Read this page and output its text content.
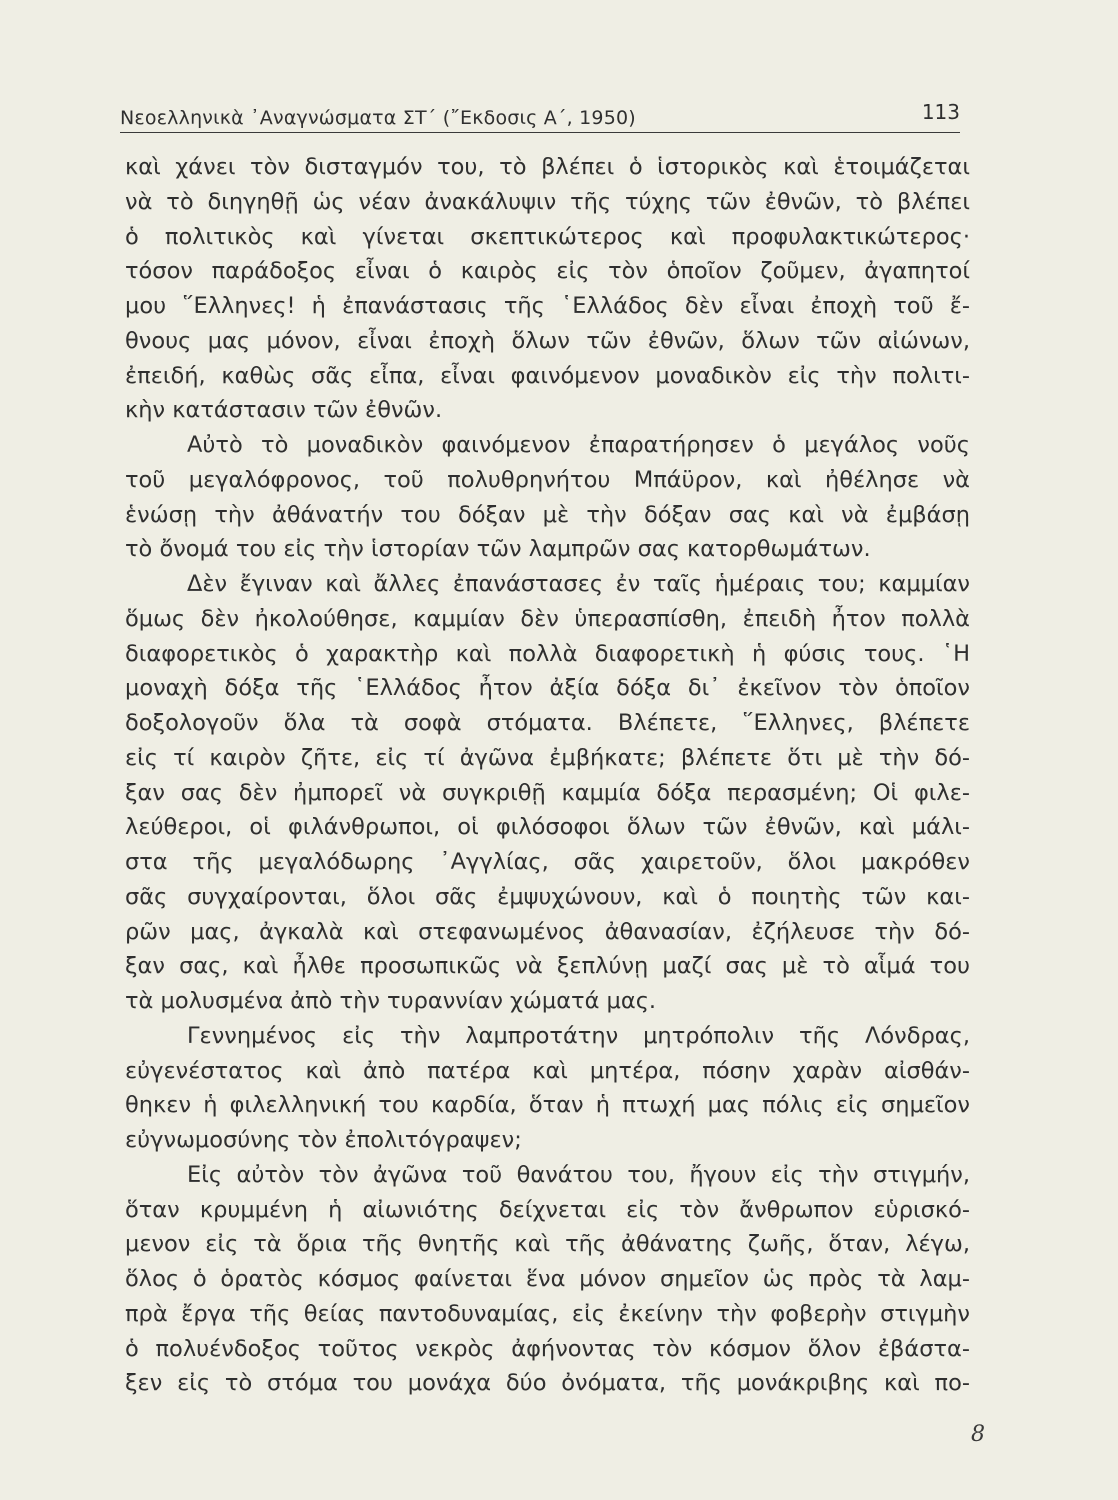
Νεοελληνικὰ ᾿Αναγνώσματα ΣΤ΄ (῎Εκδοσις Α΄, 1950)	113
καὶ χάνει τὸν δισταγμόν του, τὸ βλέπει ὁ ἱστορικὸς καὶ ἑτοιμάζεται
νὰ τὸ διηγηθῇ ὡς νέαν ἀνακάλυψιν τῆς τύχης τῶν ἐθνῶν, τὸ βλέπει
ὁ πολιτικὸς καὶ γίνεται σκεπτικώτερος καὶ προφυλακτικώτερος·
τόσον παράδοξος εἶναι ὁ καιρὸς εἰς τὸν ὁποῖον ζοῦμεν, ἀγαπητοί
μου ῞Ελληνες! ἡ ἐπανάστασις τῆς ῾Ελλάδος δὲν εἶναι ἐποχὴ τοῦ ἔ-
θνους μας μόνον, εἶναι ἐποχὴ ὅλων τῶν ἐθνῶν, ὅλων τῶν αἰώνων,
ἐπειδή, καθὼς σᾶς εἶπα, εἶναι φαινόμενον μοναδικὸν εἰς τὴν πολιτι-
κὴν κατάστασιν τῶν ἐθνῶν.
Αὐτὸ τὸ μοναδικὸν φαινόμενον ἐπαρατήρησεν ὁ μεγάλος νοῦς
τοῦ μεγαλόφρονος, τοῦ πολυθρηνήτου Μπάϋρον, καὶ ἠθέλησε νὰ
ἑνώσῃ τὴν ἀθάνατήν του δόξαν μὲ τὴν δόξαν σας καὶ νὰ ἐμβάσῃ
τὸ ὄνομά του εἰς τὴν ἱστορίαν τῶν λαμπρῶν σας κατορθωμάτων.
Δὲν ἔγιναν καὶ ἄλλες ἐπανάστασες ἐν ταῖς ἡμέραις του; καμμίαν
ὅμως δὲν ἠκολούθησε, καμμίαν δὲν ὑπερασπίσθη, ἐπειδὴ ἦτον πολλὰ
διαφορετικὸς ὁ χαρακτὴρ καὶ πολλὰ διαφορετικὴ ἡ φύσις τους. ῾Η
μοναχὴ δόξα τῆς ῾Ελλάδος ἦτον ἀξία δόξα δι᾿ ἐκεῖνον τὸν ὁποῖον
δοξολογοῦν ὅλα τὰ σοφὰ στόματα. Βλέπετε, ῞Ελληνες, βλέπετε
εἰς τί καιρὸν ζῆτε, εἰς τί ἀγῶνα ἐμβήκατε; βλέπετε ὅτι μὲ τὴν δό-
ξαν σας δὲν ἠμπορεῖ νὰ συγκριθῇ καμμία δόξα περασμένη; Οἱ φιλε-
λεύθεροι, οἱ φιλάνθρωποι, οἱ φιλόσοφοι ὅλων τῶν ἐθνῶν, καὶ μάλι-
στα τῆς μεγαλόδωρης ᾿Αγγλίας, σᾶς χαιρετοῦν, ὅλοι μακρόθεν
σᾶς συγχαίρονται, ὅλοι σᾶς ἐμψυχώνουν, καὶ ὁ ποιητὴς τῶν και-
ρῶν μας, ἀγκαλὰ καὶ στεφανωμένος ἀθανασίαν, ἐζήλευσε τὴν δό-
ξαν σας, καὶ ἦλθε προσωπικῶς νὰ ξεπλύνῃ μαζί σας μὲ τὸ αἷμά του
τὰ μολυσμένα ἀπὸ τὴν τυραννίαν χώματά μας.
Γεννημένος εἰς τὴν λαμπροτάτην μητρόπολιν τῆς Λόνδρας,
εὐγενέστατος καὶ ἀπὸ πατέρα καὶ μητέρα, πόσην χαρὰν αἰσθάν-
θηκεν ἡ φιλελληνική του καρδία, ὅταν ἡ πτωχή μας πόλις εἰς σημεῖον
εὐγνωμοσύνης τὸν ἐπολιτόγραψεν;
Εἰς αὐτὸν τὸν ἀγῶνα τοῦ θανάτου του, ἤγουν εἰς τὴν στιγμήν,
ὅταν κρυμμένη ἡ αἰωνιότης δείχνεται εἰς τὸν ἄνθρωπον εὑρισκό-
μενον εἰς τὰ ὅρια τῆς θνητῆς καὶ τῆς ἀθάνατης ζωῆς, ὅταν, λέγω,
ὅλος ὁ ὁρατὸς κόσμος φαίνεται ἕνα μόνον σημεῖον ὡς πρὸς τὰ λαμ-
πρὰ ἔργα τῆς θείας παντοδυναμίας, εἰς ἐκείνην τὴν φοβερὴν στιγμὴν
ὁ πολυένδοξος τοῦτος νεκρὸς ἀφήνοντας τὸν κόσμον ὅλον ἐβάστα-
ξεν εἰς τὸ στόμα του μονάχα δύο ὀνόματα, τῆς μονάκριβης καὶ πο-
8
